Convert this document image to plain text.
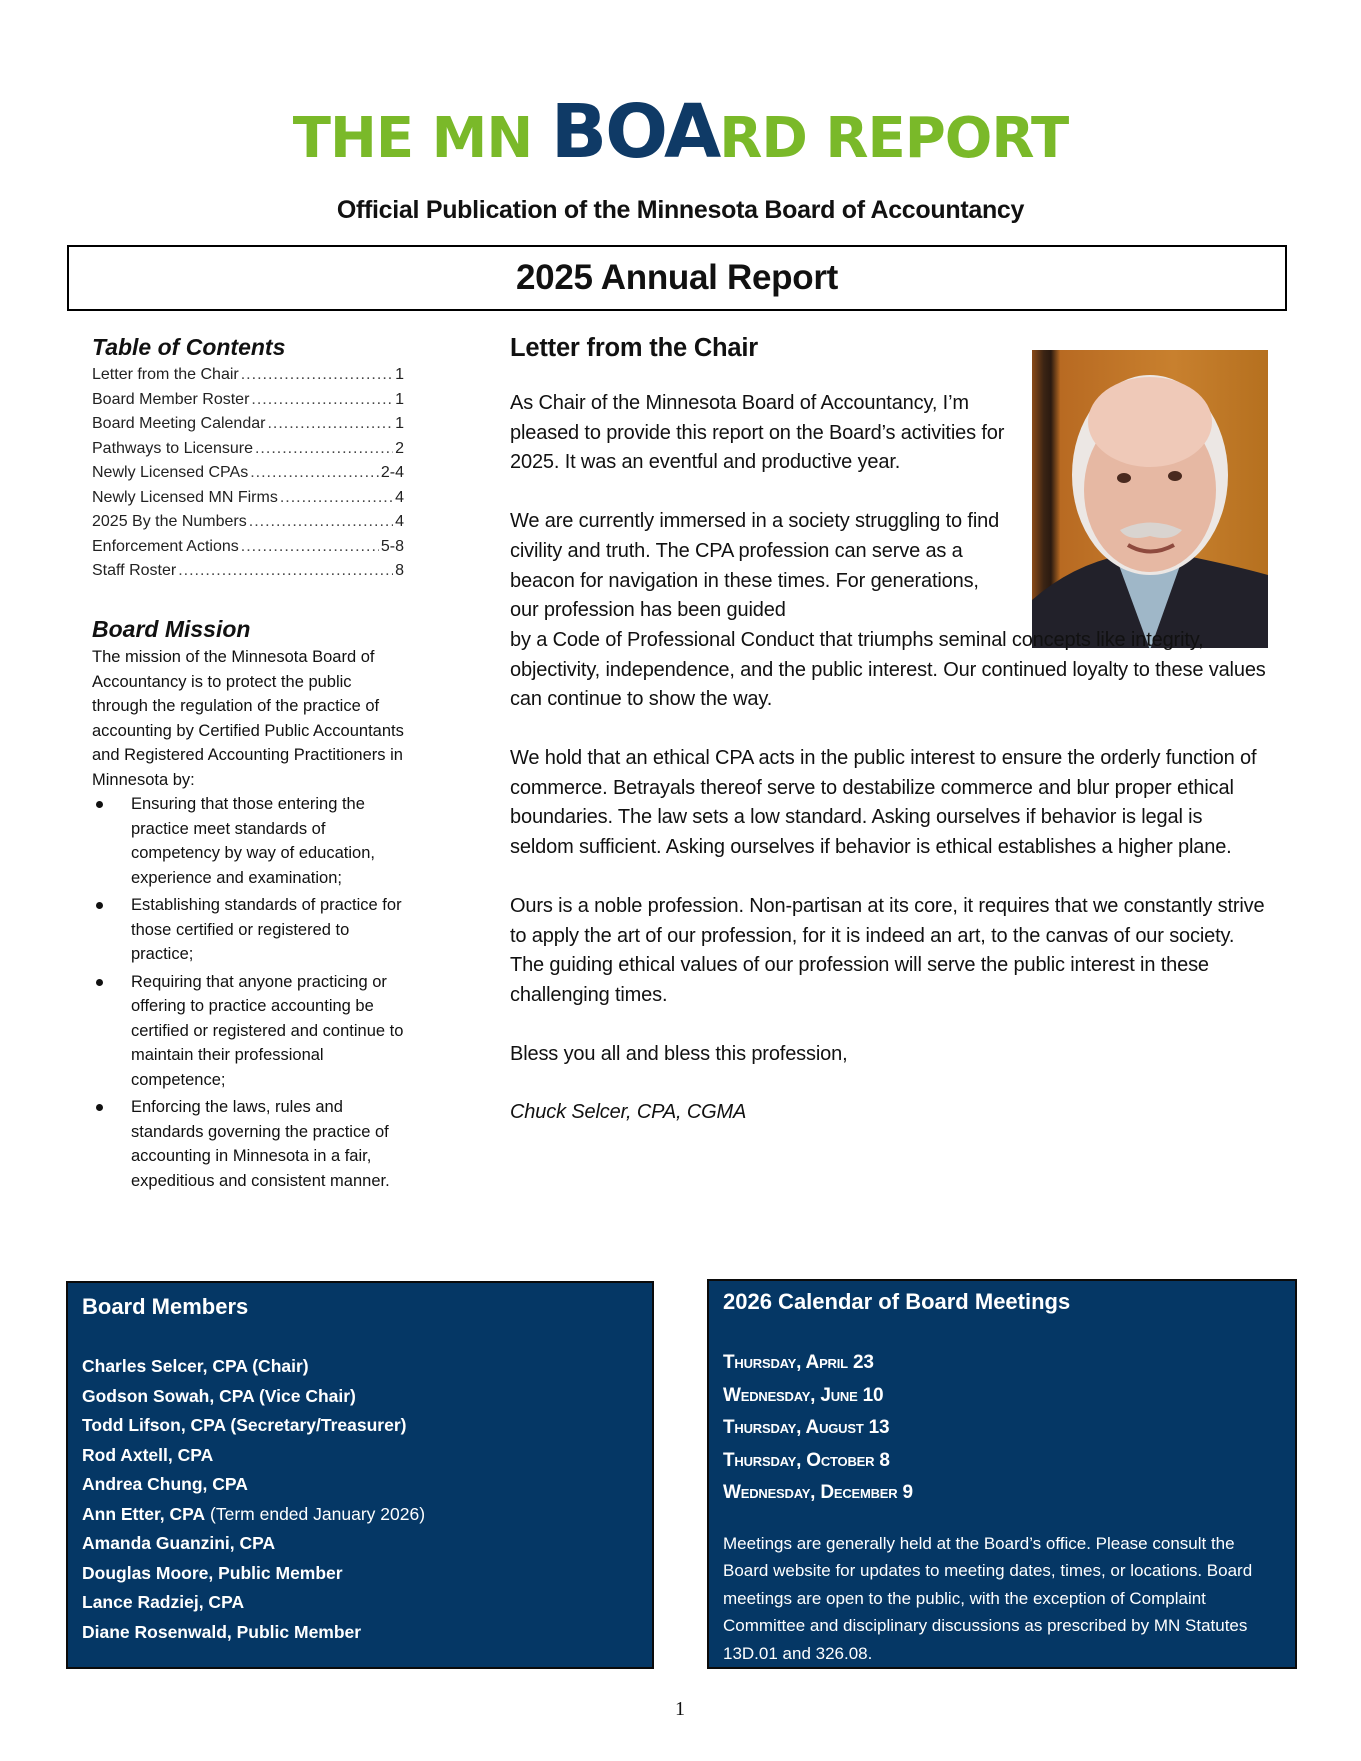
THE MN BOARD REPORT
Official Publication of the Minnesota Board of Accountancy
2025 Annual Report
Table of Contents
Letter from the Chair .....	1
Board Member Roster .....	1
Board Meeting Calendar .....	1
Pathways to Licensure .....	2
Newly Licensed CPAs .....	2-4
Newly Licensed MN Firms .....	4
2025 By the Numbers .....	4
Enforcement Actions .....	5-8
Staff Roster .....	8
Board Mission

The mission of the Minnesota Board of Accountancy is to protect the public through the regulation of the practice of accounting by Certified Public Accountants and Registered Accounting Practitioners in Minnesota by:

Ensuring that those entering the practice meet standards of competency by way of education, experience and examination;
Establishing standards of practice for those certified or registered to practice;
Requiring that anyone practicing or offering to practice accounting be certified or registered and continue to maintain their professional competence;
Enforcing the laws, rules and standards governing the practice of accounting in Minnesota in a fair, expeditious and consistent manner.
Letter from the Chair

As Chair of the Minnesota Board of Accountancy, I’m pleased to provide this report on the Board’s activities for 2025. It was an eventful and productive year.

We are currently immersed in a society struggling to find civility and truth. The CPA profession can serve as a beacon for navigation in these times. For generations, our profession has been guided
by a Code of Professional Conduct that triumphs seminal concepts like integrity, objectivity, independence, and the public interest. Our continued loyalty to these values can continue to show the way.

We hold that an ethical CPA acts in the public interest to ensure the orderly function of commerce. Betrayals thereof serve to destabilize commerce and blur proper ethical boundaries. The law sets a low standard. Asking ourselves if behavior is legal is seldom sufficient. Asking ourselves if behavior is ethical establishes a higher plane.

Ours is a noble profession. Non-partisan at its core, it requires that we constantly strive to apply the art of our profession, for it is indeed an art, to the canvas of our society. The guiding ethical values of our profession will serve the public interest in these challenging times.

Bless you all and bless this profession,

Chuck Selcer, CPA, CGMA

Board Members
Charles Selcer, CPA (Chair)
Godson Sowah, CPA (Vice Chair)
Todd Lifson, CPA (Secretary/Treasurer)
Rod Axtell, CPA
Andrea Chung, CPA
Ann Etter, CPA (Term ended January 2026)
Amanda Guanzini, CPA
Douglas Moore, Public Member
Lance Radziej, CPA
Diane Rosenwald, Public Member
2026 Calendar of Board Meetings
Thursday, April 23
Wednesday, June 10
Thursday, August 13
Thursday, October 8
Wednesday, December 9
Meetings are generally held at the Board’s office. Please consult the Board website for updates to meeting dates, times, or locations. Board meetings are open to the public, with the exception of Complaint Committee and disciplinary discussions as prescribed by MN Statutes 13D.01 and 326.08.
1
